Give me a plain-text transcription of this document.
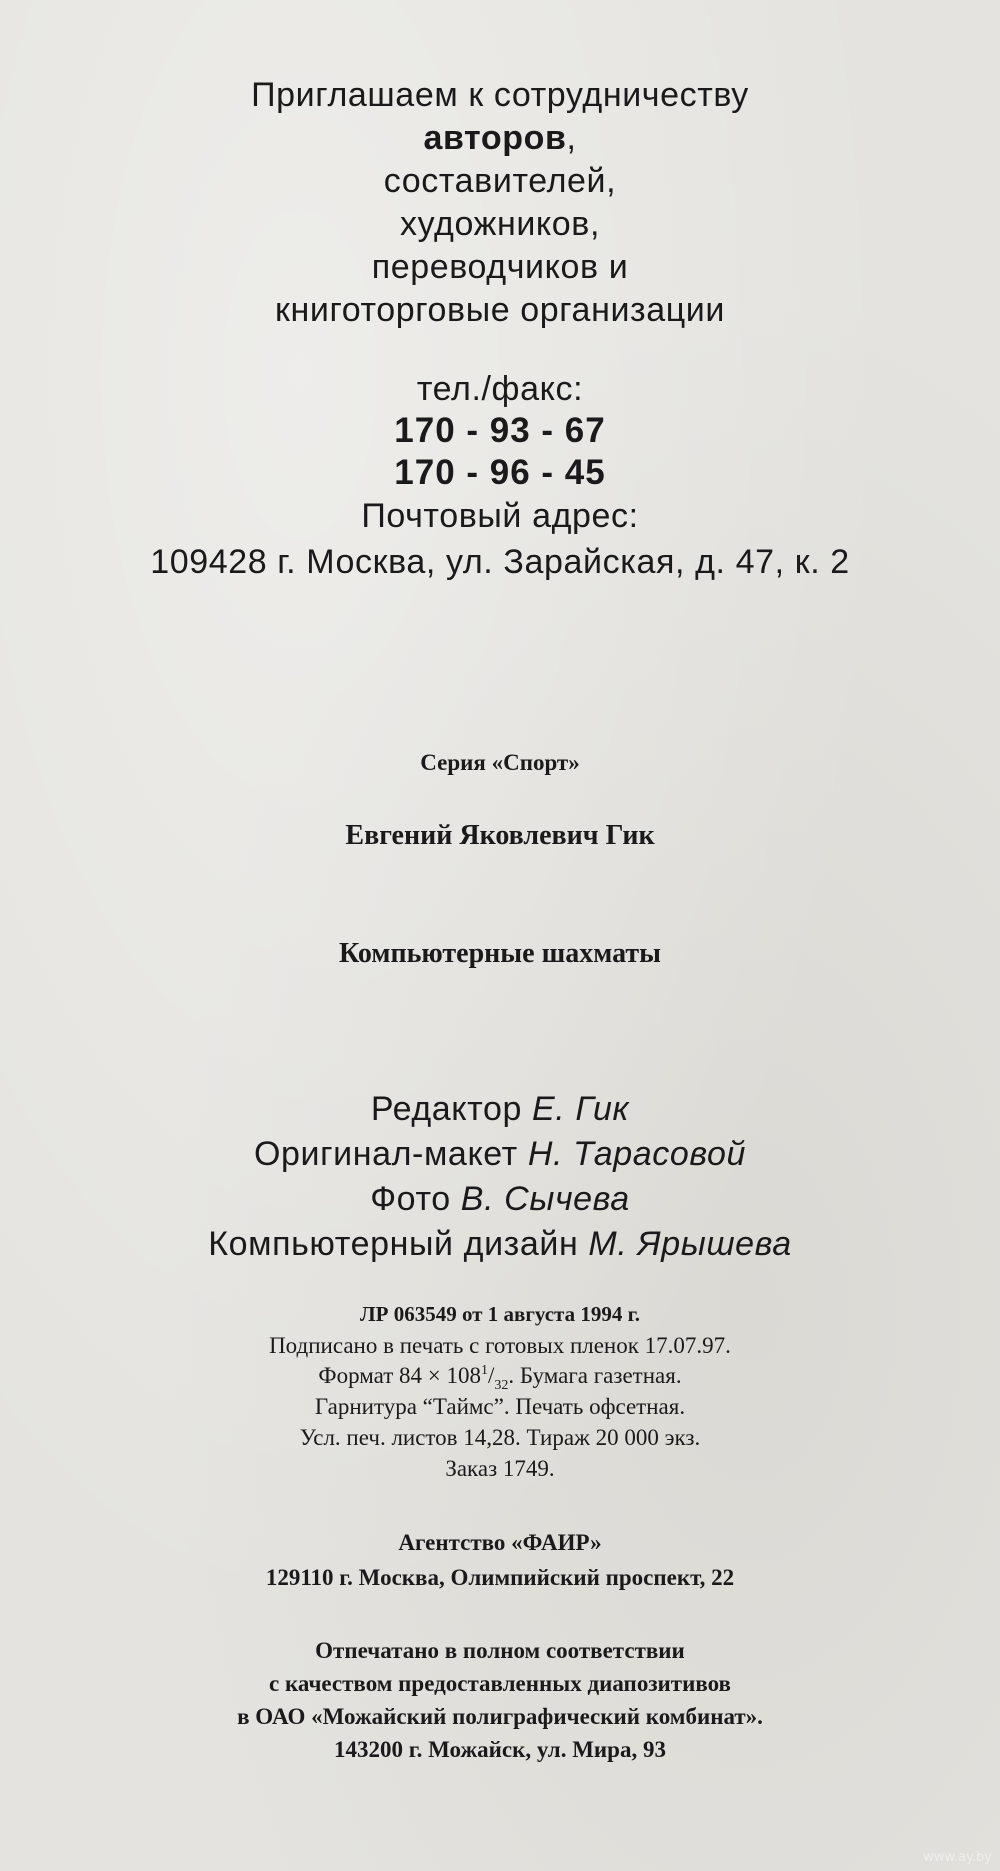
Приглашаем к сотрудничеству
авторов,
составителей,
художников,
переводчиков и
книготорговые организации
тел./факс:
170 - 93 - 67
170 - 96 - 45
Почтовый адрес:
109428 г. Москва, ул. Зарайская, д. 47, к. 2
Серия «Спорт»
Евгений Яковлевич Гик
Компьютерные шахматы
Редактор Е. Гик
Оригинал-макет Н. Тарасовой
Фото В. Сычева
Компьютерный дизайн М. Ярышева
ЛР 063549 от 1 августа 1994 г.
Подписано в печать с готовых пленок 17.07.97.
Формат $84 \times 108^1/_{32}$. Бумага газетная.
Гарнитура “Таймс”. Печать офсетная.
Усл. печ. листов 14,28. Тираж 20 000 экз.
Заказ 1749.
Агентство «ФАИР»
129110 г. Москва, Олимпийский проспект, 22
Отпечатано в полном соответствии
с качеством предоставленных диапозитивов
в ОАО «Можайский полиграфический комбинат».
143200 г. Можайск, ул. Мира, 93
www.ay.by
